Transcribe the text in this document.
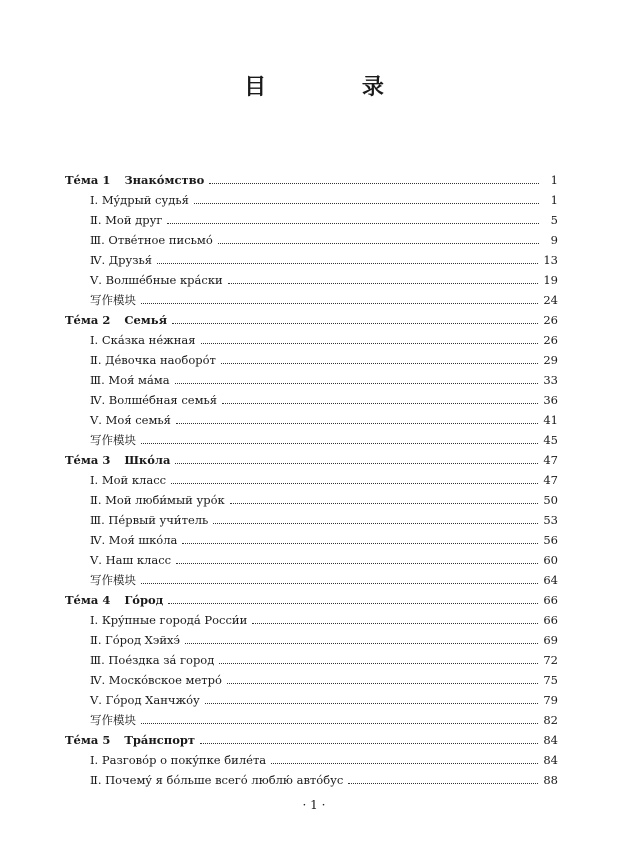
目 录
Тéма 1 Знакóмство	1
Ⅰ. Мýдрый судья́	1
Ⅱ. Мой друг	5
Ⅲ. Отвéтное письмó	9
Ⅳ. Друзья́	13
Ⅴ. Волшéбные крáски	19
写作模块	24
Тéма 2 Семья́	26
Ⅰ. Скáзка нéжная	26
Ⅱ. Дéвочка наоборóт	29
Ⅲ. Моя́ мáма	33
Ⅳ. Волшéбная семья́	36
Ⅴ. Моя́ семья́	41
写作模块	45
Тéма 3 Шкóла	47
Ⅰ. Мой класс	47
Ⅱ. Мой люби́мый урóк	50
Ⅲ. Пéрвый учи́тель	53
Ⅳ. Моя́ шкóла	56
Ⅴ. Наш класс	60
写作模块	64
Тéма 4 Гóрод	66
Ⅰ. Крýпные городá Росси́и	66
Ⅱ. Гóрод Хэйхэ́	69
Ⅲ. Поéздка зá город	72
Ⅳ. Москóвское метрó	75
Ⅴ. Гóрод Ханчжóу	79
写作模块	82
Тéма 5 Трáнспорт	84
Ⅰ. Разговóр о покýпке билéта	84
Ⅱ. Почемý я бóльше всегó люблю́ автóбус	88
· 1 ·
